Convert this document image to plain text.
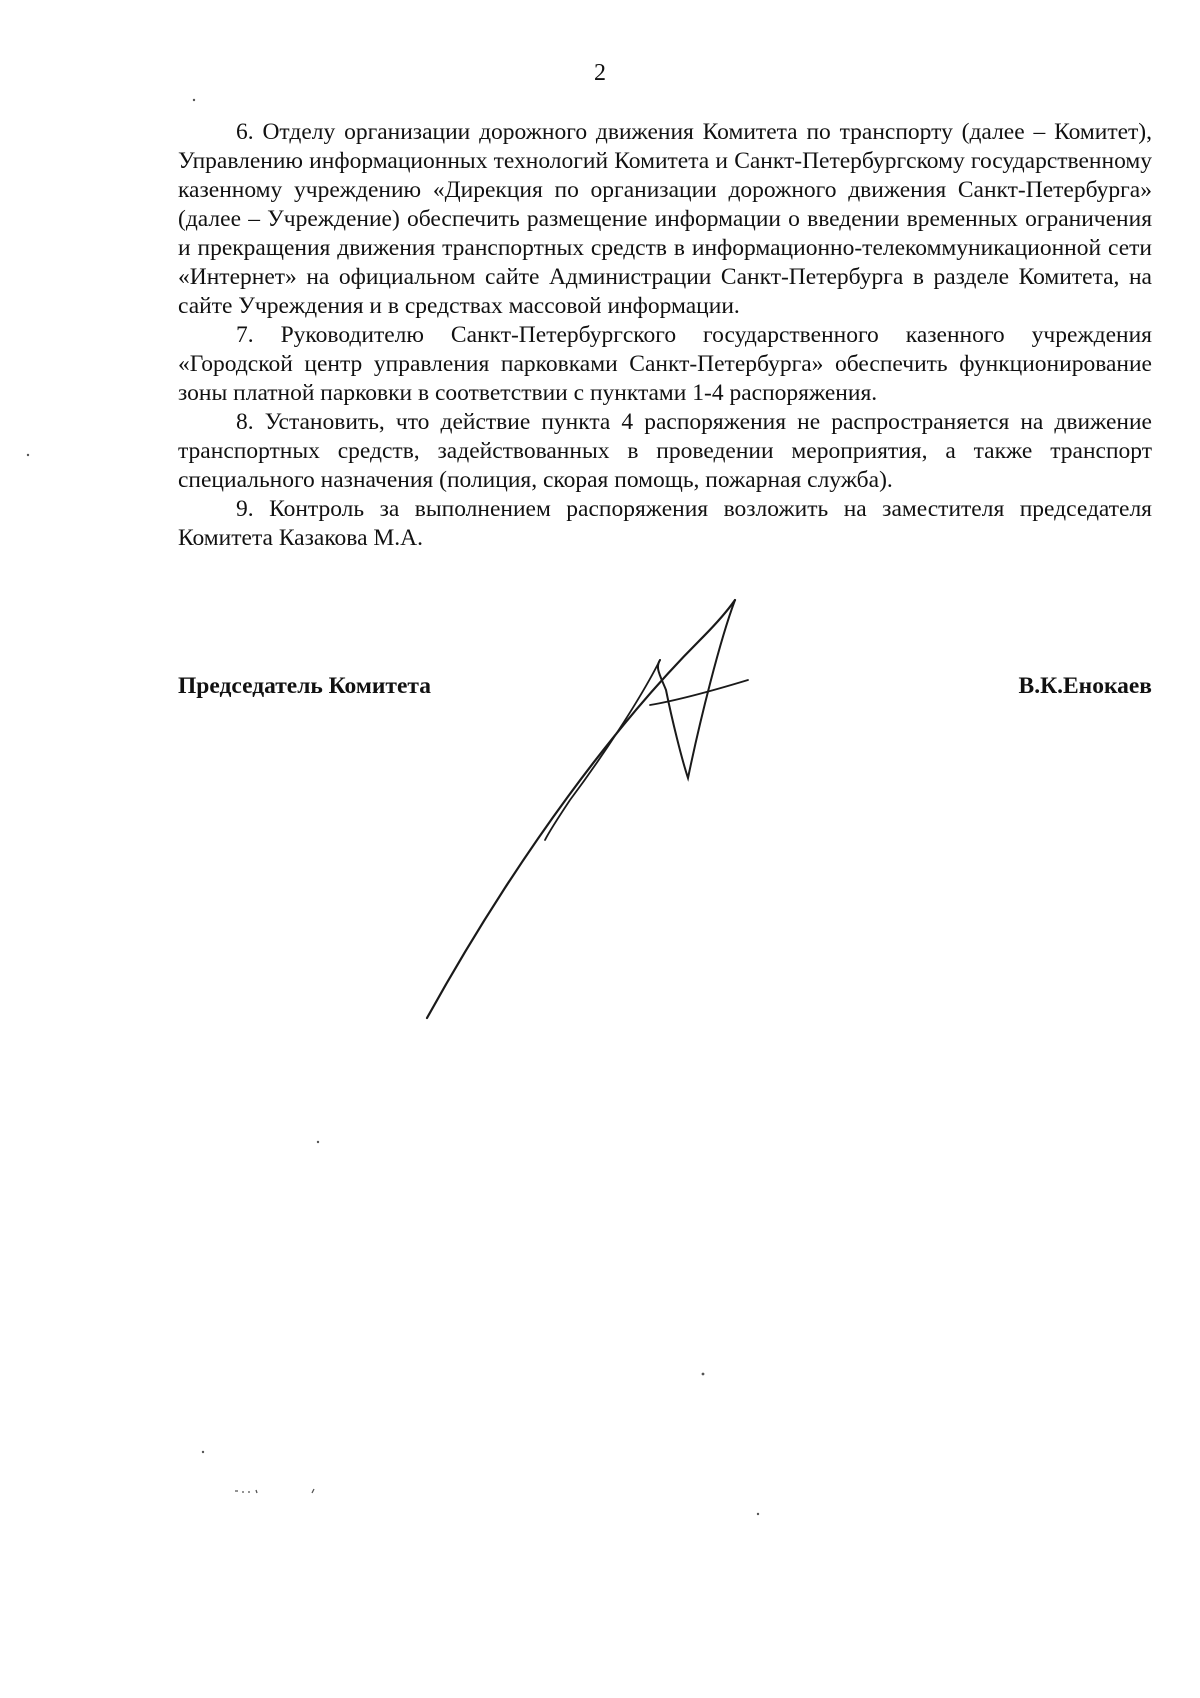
2

6. Отделу организации дорожного движения Комитета по транспорту (далее – Комитет), Управлению информационных технологий Комитета и Санкт-Петербургскому государственному казенному учреждению «Дирекция по организации дорожного движения Санкт-Петербурга» (далее – Учреждение) обеспечить размещение информации о введении временных ограничения и прекращения движения транспортных средств в информационно-телекоммуникационной сети «Интернет» на официальном сайте Администрации Санкт-Петербурга в разделе Комитета, на сайте Учреждения и в средствах массовой информации.

7. Руководителю Санкт-Петербургского государственного казенного учреждения «Городской центр управления парковками Санкт-Петербурга» обеспечить функционирование зоны платной парковки в соответствии с пунктами 1-4 распоряжения.

8. Установить, что действие пункта 4 распоряжения не распространяется на движение транспортных средств, задействованных в проведении мероприятия, а также транспорт специального назначения (полиция, скорая помощь, пожарная служба).

9. Контроль за выполнением распоряжения возложить на заместителя председателя Комитета Казакова М.А.

Председатель Комитета	В.К.Енокаев
